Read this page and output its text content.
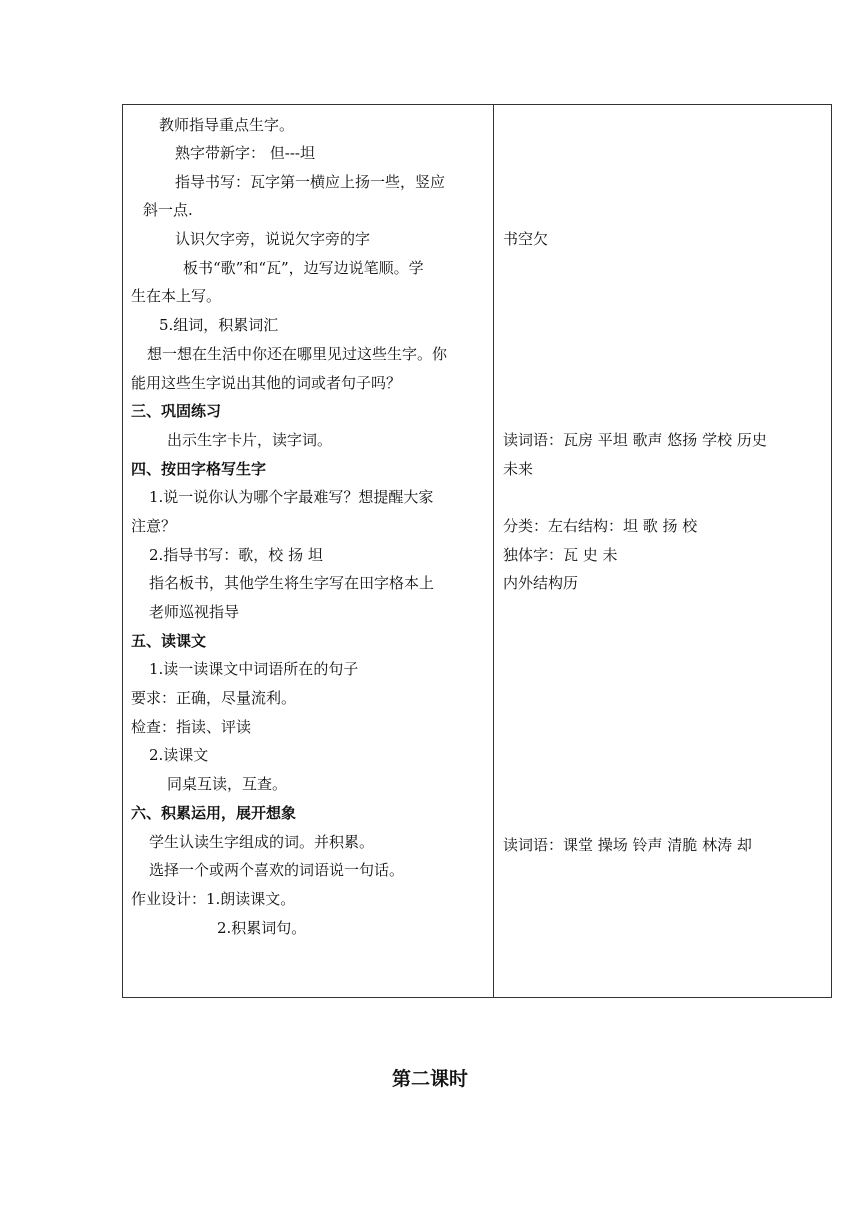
教师指导重点生字。
熟字带新字： 但---坦
指导书写：瓦字第一横应上扬一些，竖应
斜一点.
认识欠字旁，说说欠字旁的字
板书“歌”和“瓦”，边写边说笔顺。学
生在本上写。
5.组词，积累词汇
想一想在生活中你还在哪里见过这些生字。你
能用这些生字说出其他的词或者句子吗？
三、巩固练习
出示生字卡片，读字词。
四、按田字格写生字
1.说一说你认为哪个字最难写？想提醒大家
注意？
2.指导书写：歌，校 扬 坦
指名板书，其他学生将生字写在田字格本上
老师巡视指导
五、读课文
1.读一读课文中词语所在的句子
要求：正确，尽量流利。
检查：指读、评读
2.读课文
同桌互读，互查。
六、积累运用，展开想象
学生认读生字组成的词。并积累。
选择一个或两个喜欢的词语说一句话。
作业设计：1.朗读课文。
2.积累词句。
书空欠
读词语：瓦房 平坦 歌声 悠扬 学校 历史
未来
分类：左右结构：坦 歌 扬 校
独体字：瓦 史 未
内外结构历
读词语：课堂 操场 铃声 清脆 林涛 却
第二课时
